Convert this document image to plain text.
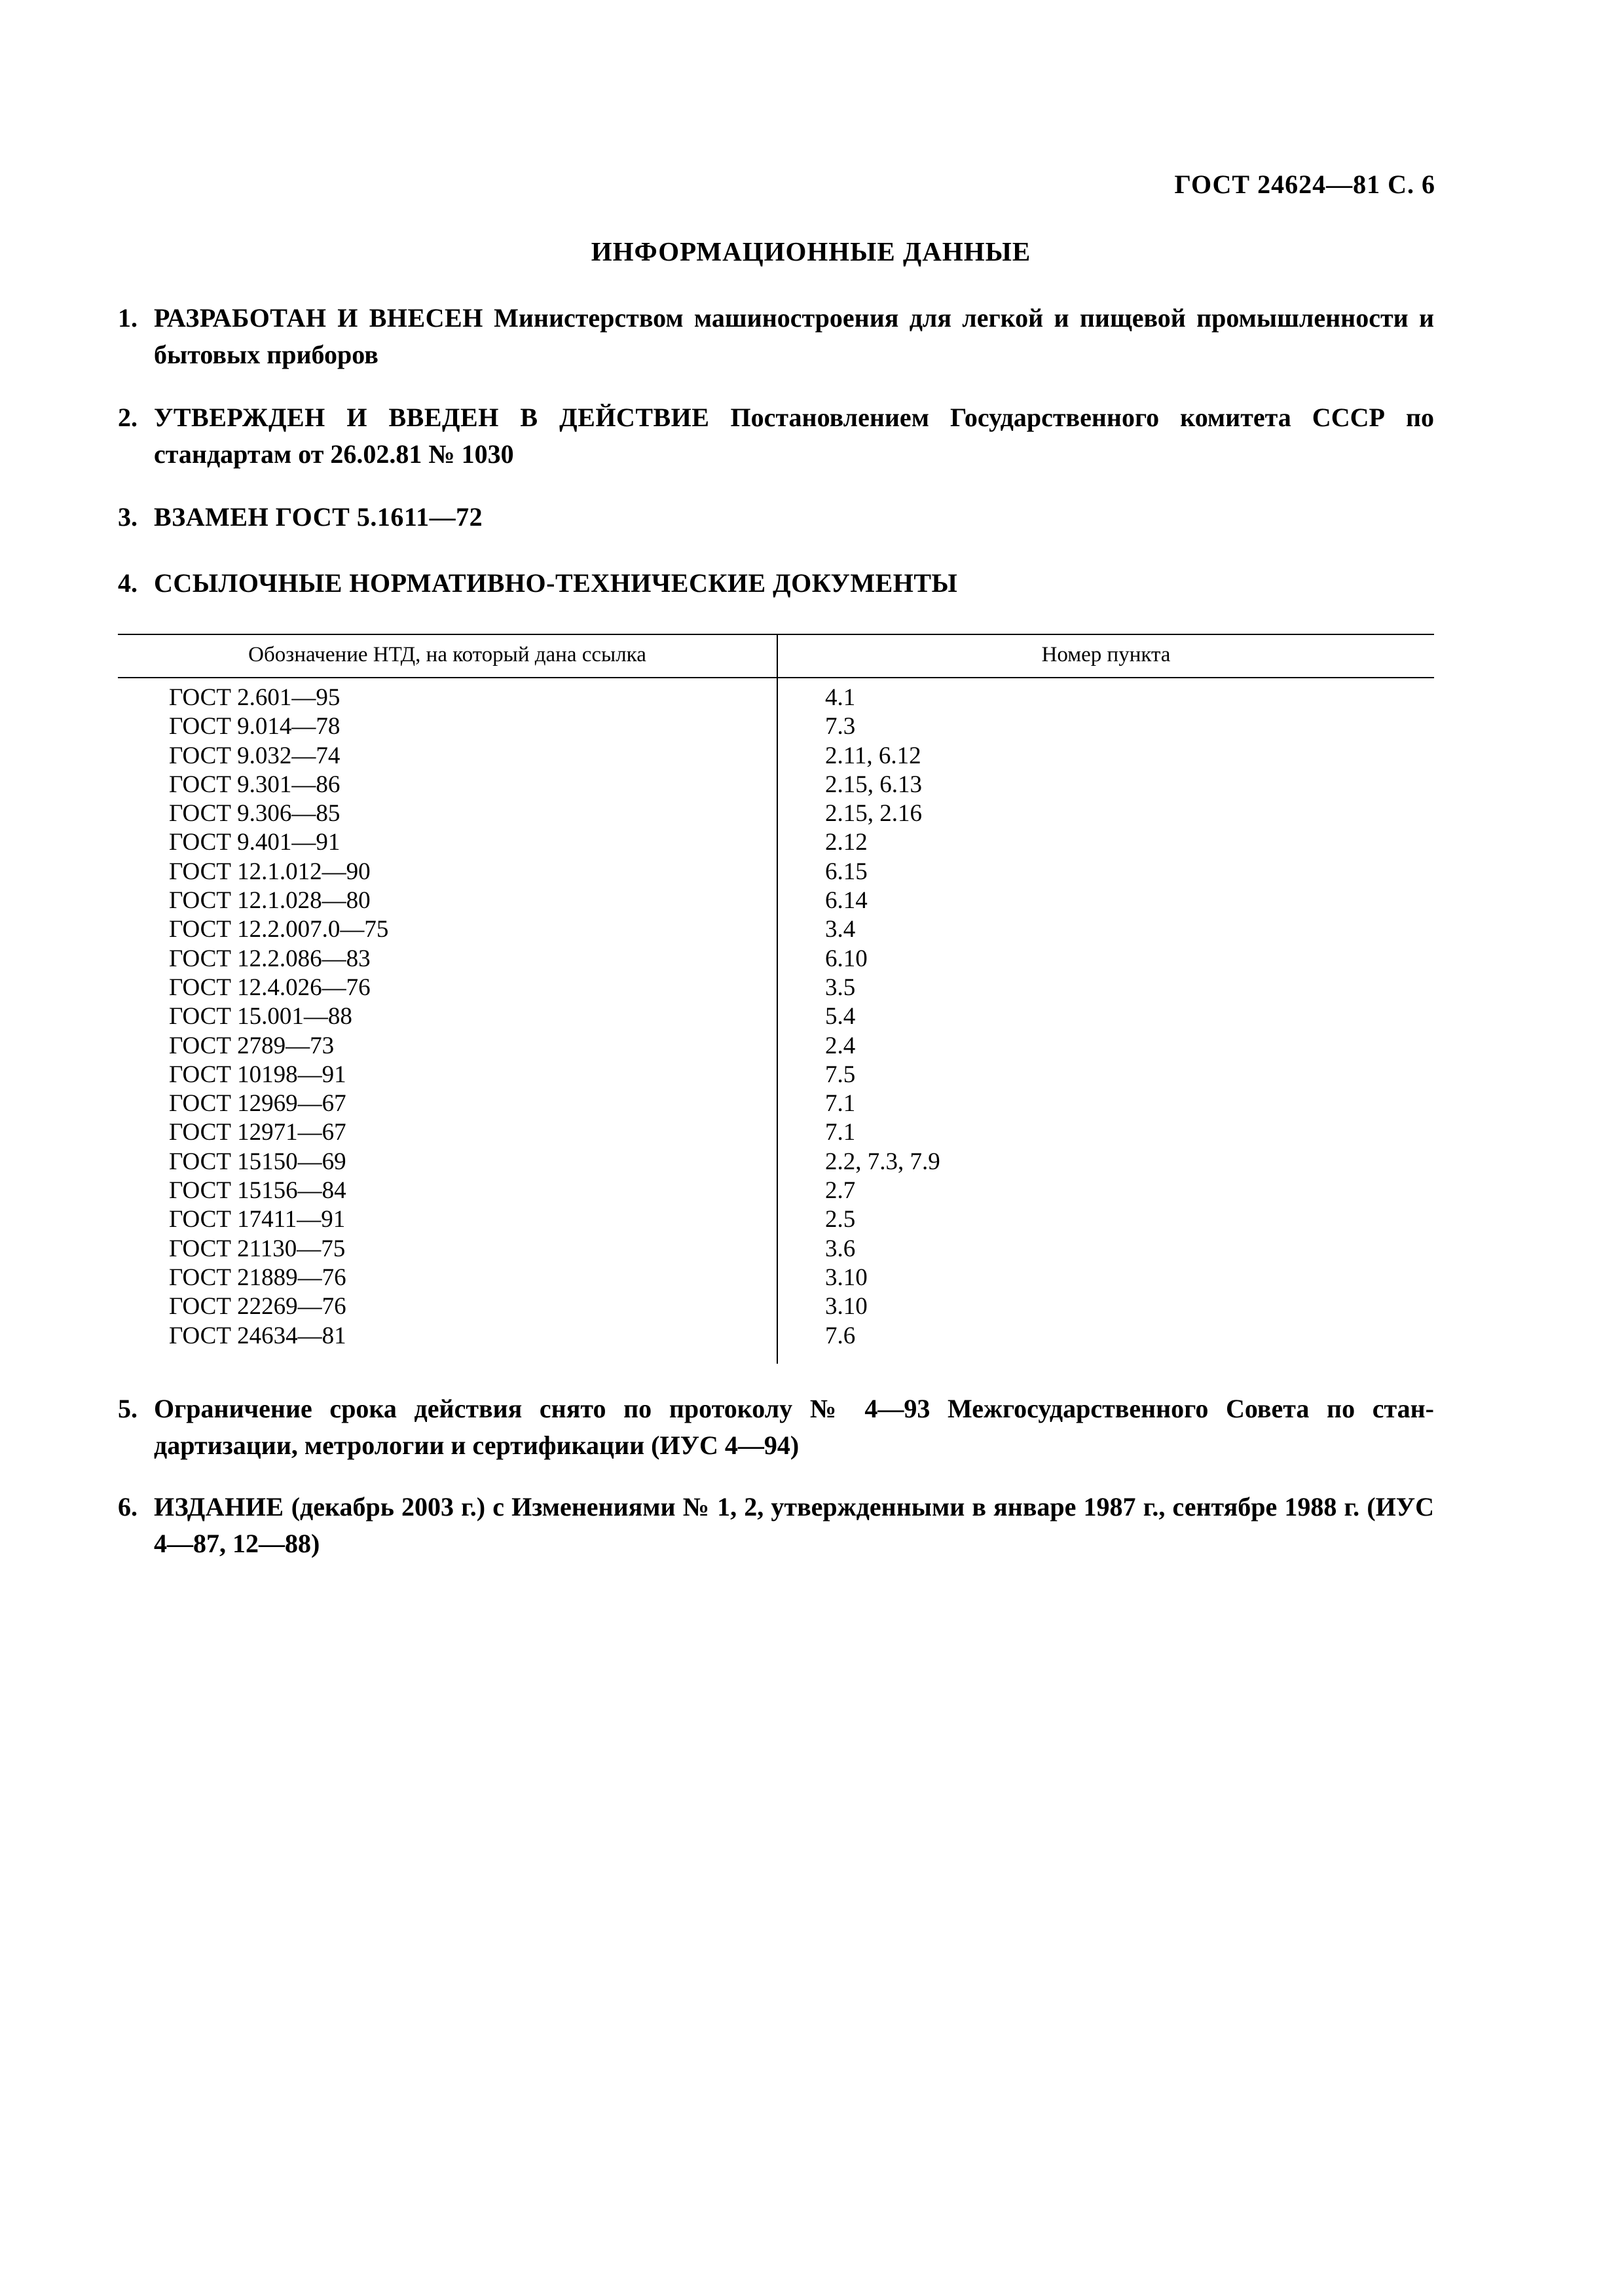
ГОСТ 24624—81 С. 6
ИНФОРМАЦИОННЫЕ ДАННЫЕ
1. РАЗРАБОТАН И ВНЕСЕН Министерством машиностроения для легкой и пищевой промышленности и бытовых приборов
2. УТВЕРЖДЕН И ВВЕДЕН В ДЕЙСТВИЕ Постановлением Государственного комитета СССР по стандартам от 26.02.81 № 1030
3. ВЗАМЕН ГОСТ 5.1611—72
4. ССЫЛОЧНЫЕ НОРМАТИВНО-ТЕХНИЧЕСКИЕ ДОКУМЕНТЫ
Обозначение НТД, на который дана ссылка	Номер пункта
ГОСТ 2.601—95	4.1
ГОСТ 9.014—78	7.3
ГОСТ 9.032—74	2.11, 6.12
ГОСТ 9.301—86	2.15, 6.13
ГОСТ 9.306—85	2.15, 2.16
ГОСТ 9.401—91	2.12
ГОСТ 12.1.012—90	6.15
ГОСТ 12.1.028—80	6.14
ГОСТ 12.2.007.0—75	3.4
ГОСТ 12.2.086—83	6.10
ГОСТ 12.4.026—76	3.5
ГОСТ 15.001—88	5.4
ГОСТ 2789—73	2.4
ГОСТ 10198—91	7.5
ГОСТ 12969—67	7.1
ГОСТ 12971—67	7.1
ГОСТ 15150—69	2.2, 7.3, 7.9
ГОСТ 15156—84	2.7
ГОСТ 17411—91	2.5
ГОСТ 21130—75	3.6
ГОСТ 21889—76	3.10
ГОСТ 22269—76	3.10
ГОСТ 24634—81	7.6
5. Ограничение срока действия снято по протоколу № 4—93 Межгосударственного Совета по стандартизации, метрологии и сертификации (ИУС 4—94)
6. ИЗДАНИЕ (декабрь 2003 г.) с Изменениями № 1, 2, утвержденными в январе 1987 г., сентябре 1988 г. (ИУС 4—87, 12—88)
